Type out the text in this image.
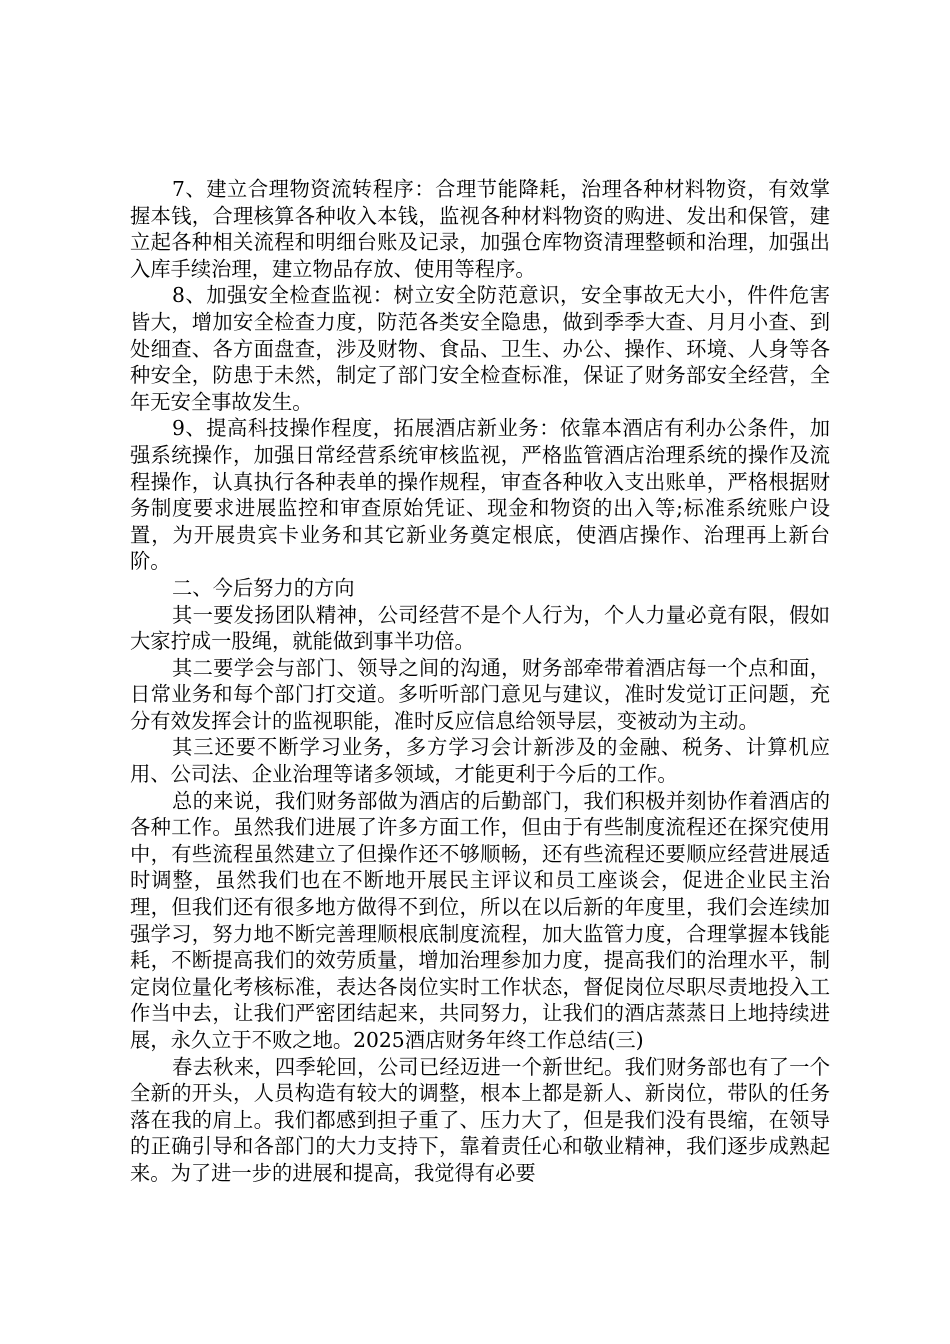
7、建立合理物资流转程序：合理节能降耗，治理各种材料物资，有效掌握本钱，合理核算各种收入本钱，监视各种材料物资的购进、发出和保管，建立起各种相关流程和明细台账及记录，加强仓库物资清理整顿和治理，加强出入库手续治理，建立物品存放、使用等程序。

8、加强安全检查监视：树立安全防范意识，安全事故无大小，件件危害皆大，增加安全检查力度，防范各类安全隐患，做到季季大查、月月小查、到处细查、各方面盘查，涉及财物、食品、卫生、办公、操作、环境、人身等各种安全，防患于未然，制定了部门安全检查标准，保证了财务部安全经营，全年无安全事故发生。

9、提高科技操作程度，拓展酒店新业务：依靠本酒店有利办公条件，加强系统操作，加强日常经营系统审核监视，严格监管酒店治理系统的操作及流程操作，认真执行各种表单的操作规程，审查各种收入支出账单，严格根据财务制度要求进展监控和审查原始凭证、现金和物资的出入等;标准系统账户设置，为开展贵宾卡业务和其它新业务奠定根底，使酒店操作、治理再上新台阶。

二、今后努力的方向

其一要发扬团队精神，公司经营不是个人行为，个人力量必竟有限，假如大家拧成一股绳，就能做到事半功倍。

其二要学会与部门、领导之间的沟通，财务部牵带着酒店每一个点和面，日常业务和每个部门打交道。多听听部门意见与建议，准时发觉订正问题，充分有效发挥会计的监视职能，准时反应信息给领导层，变被动为主动。

其三还要不断学习业务，多方学习会计新涉及的金融、税务、计算机应用、公司法、企业治理等诸多领域，才能更利于今后的工作。

总的来说，我们财务部做为酒店的后勤部门，我们积极并刻协作着酒店的各种工作。虽然我们进展了许多方面工作，但由于有些制度流程还在探究使用中，有些流程虽然建立了但操作还不够顺畅，还有些流程还要顺应经营进展适时调整，虽然我们也在不断地开展民主评议和员工座谈会，促进企业民主治理，但我们还有很多地方做得不到位，所以在以后新的年度里，我们会连续加强学习，努力地不断完善理顺根底制度流程，加大监管力度，合理掌握本钱能耗，不断提高我们的效劳质量，增加治理参加力度，提高我们的治理水平，制定岗位量化考核标准，表达各岗位实时工作状态，督促岗位尽职尽责地投入工作当中去，让我们严密团结起来，共同努力，让我们的酒店蒸蒸日上地持续进展，永久立于不败之地。2025酒店财务年终工作总结(三)

春去秋来，四季轮回，公司已经迈进一个新世纪。我们财务部也有了一个全新的开头，人员构造有较大的调整，根本上都是新人、新岗位，带队的任务落在我的肩上。我们都感到担子重了、压力大了，但是我们没有畏缩，在领导的正确引导和各部门的大力支持下，靠着责任心和敬业精神，我们逐步成熟起来。为了进一步的进展和提高，我觉得有必要
